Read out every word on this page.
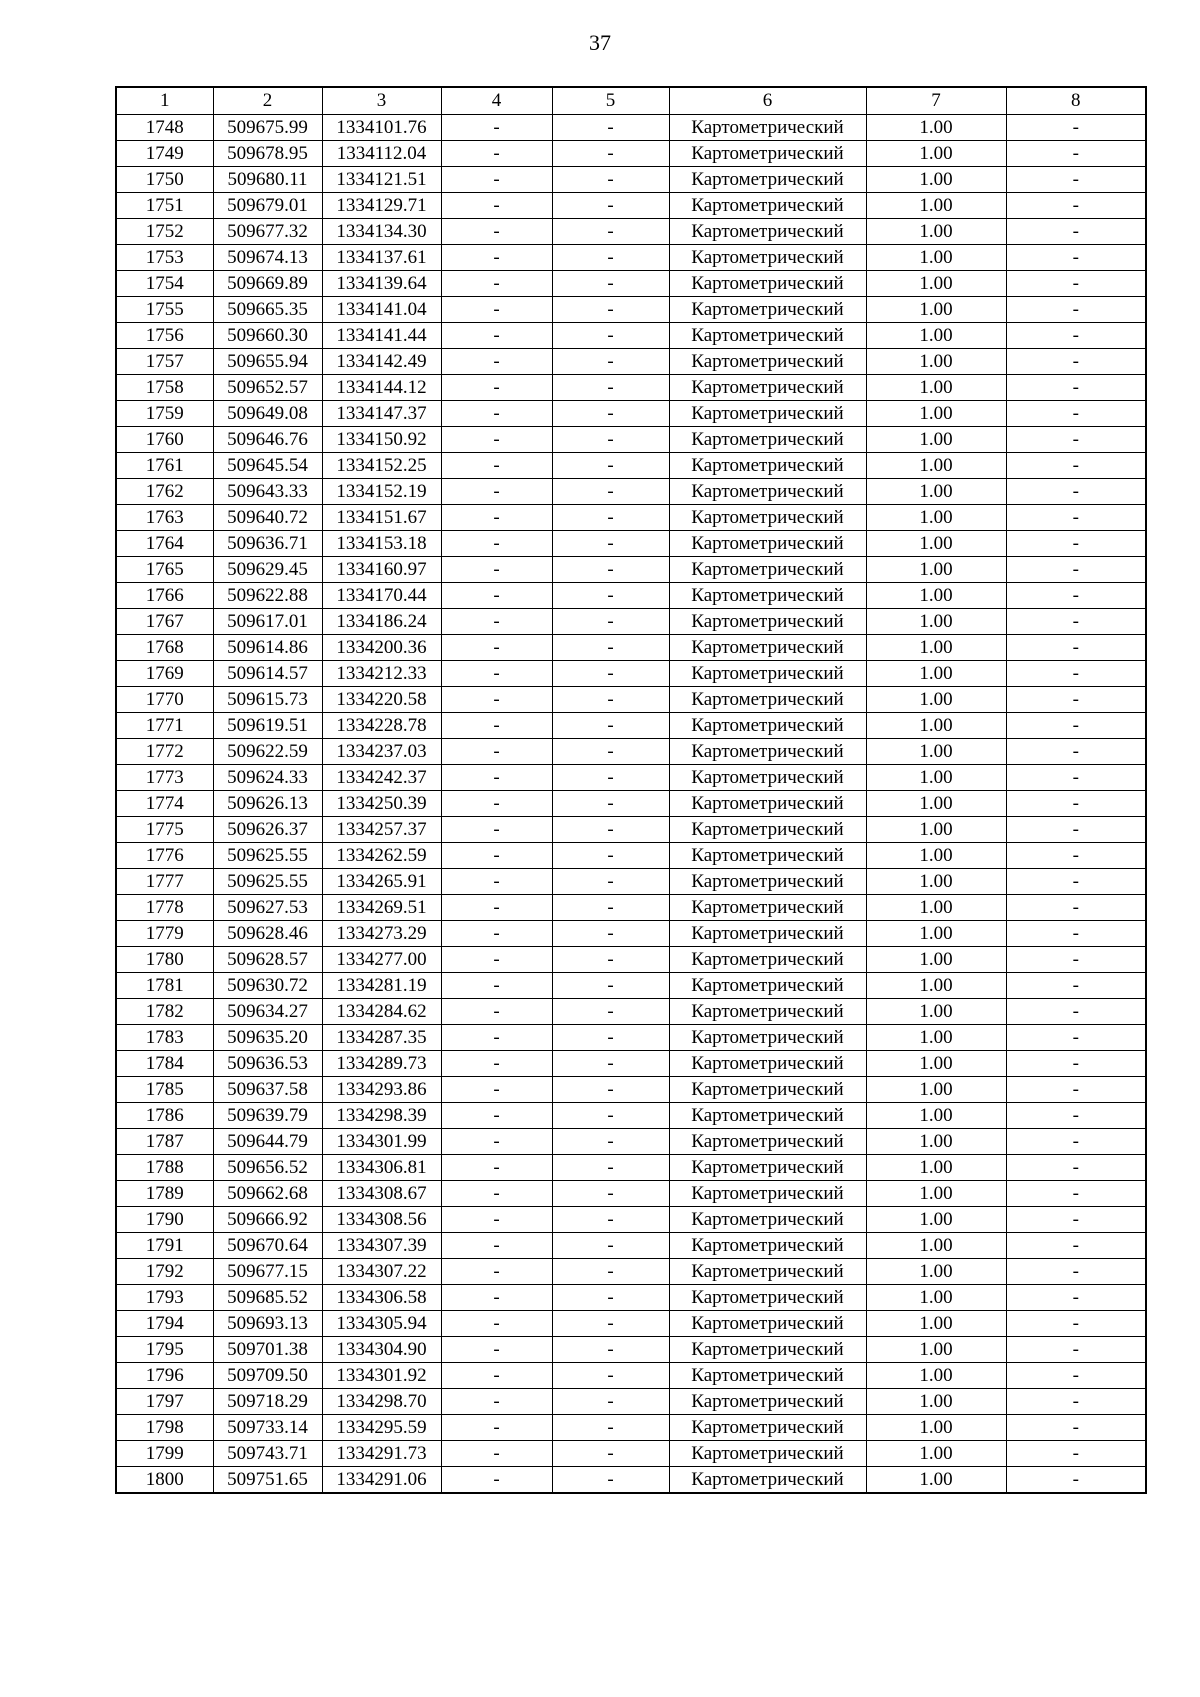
37
1	2	3	4	5	6	7	8
1748	509675.99	1334101.76	-	-	Картометрический	1.00	-
1749	509678.95	1334112.04	-	-	Картометрический	1.00	-
1750	509680.11	1334121.51	-	-	Картометрический	1.00	-
1751	509679.01	1334129.71	-	-	Картометрический	1.00	-
1752	509677.32	1334134.30	-	-	Картометрический	1.00	-
1753	509674.13	1334137.61	-	-	Картометрический	1.00	-
1754	509669.89	1334139.64	-	-	Картометрический	1.00	-
1755	509665.35	1334141.04	-	-	Картометрический	1.00	-
1756	509660.30	1334141.44	-	-	Картометрический	1.00	-
1757	509655.94	1334142.49	-	-	Картометрический	1.00	-
1758	509652.57	1334144.12	-	-	Картометрический	1.00	-
1759	509649.08	1334147.37	-	-	Картометрический	1.00	-
1760	509646.76	1334150.92	-	-	Картометрический	1.00	-
1761	509645.54	1334152.25	-	-	Картометрический	1.00	-
1762	509643.33	1334152.19	-	-	Картометрический	1.00	-
1763	509640.72	1334151.67	-	-	Картометрический	1.00	-
1764	509636.71	1334153.18	-	-	Картометрический	1.00	-
1765	509629.45	1334160.97	-	-	Картометрический	1.00	-
1766	509622.88	1334170.44	-	-	Картометрический	1.00	-
1767	509617.01	1334186.24	-	-	Картометрический	1.00	-
1768	509614.86	1334200.36	-	-	Картометрический	1.00	-
1769	509614.57	1334212.33	-	-	Картометрический	1.00	-
1770	509615.73	1334220.58	-	-	Картометрический	1.00	-
1771	509619.51	1334228.78	-	-	Картометрический	1.00	-
1772	509622.59	1334237.03	-	-	Картометрический	1.00	-
1773	509624.33	1334242.37	-	-	Картометрический	1.00	-
1774	509626.13	1334250.39	-	-	Картометрический	1.00	-
1775	509626.37	1334257.37	-	-	Картометрический	1.00	-
1776	509625.55	1334262.59	-	-	Картометрический	1.00	-
1777	509625.55	1334265.91	-	-	Картометрический	1.00	-
1778	509627.53	1334269.51	-	-	Картометрический	1.00	-
1779	509628.46	1334273.29	-	-	Картометрический	1.00	-
1780	509628.57	1334277.00	-	-	Картометрический	1.00	-
1781	509630.72	1334281.19	-	-	Картометрический	1.00	-
1782	509634.27	1334284.62	-	-	Картометрический	1.00	-
1783	509635.20	1334287.35	-	-	Картометрический	1.00	-
1784	509636.53	1334289.73	-	-	Картометрический	1.00	-
1785	509637.58	1334293.86	-	-	Картометрический	1.00	-
1786	509639.79	1334298.39	-	-	Картометрический	1.00	-
1787	509644.79	1334301.99	-	-	Картометрический	1.00	-
1788	509656.52	1334306.81	-	-	Картометрический	1.00	-
1789	509662.68	1334308.67	-	-	Картометрический	1.00	-
1790	509666.92	1334308.56	-	-	Картометрический	1.00	-
1791	509670.64	1334307.39	-	-	Картометрический	1.00	-
1792	509677.15	1334307.22	-	-	Картометрический	1.00	-
1793	509685.52	1334306.58	-	-	Картометрический	1.00	-
1794	509693.13	1334305.94	-	-	Картометрический	1.00	-
1795	509701.38	1334304.90	-	-	Картометрический	1.00	-
1796	509709.50	1334301.92	-	-	Картометрический	1.00	-
1797	509718.29	1334298.70	-	-	Картометрический	1.00	-
1798	509733.14	1334295.59	-	-	Картометрический	1.00	-
1799	509743.71	1334291.73	-	-	Картометрический	1.00	-
1800	509751.65	1334291.06	-	-	Картометрический	1.00	-
